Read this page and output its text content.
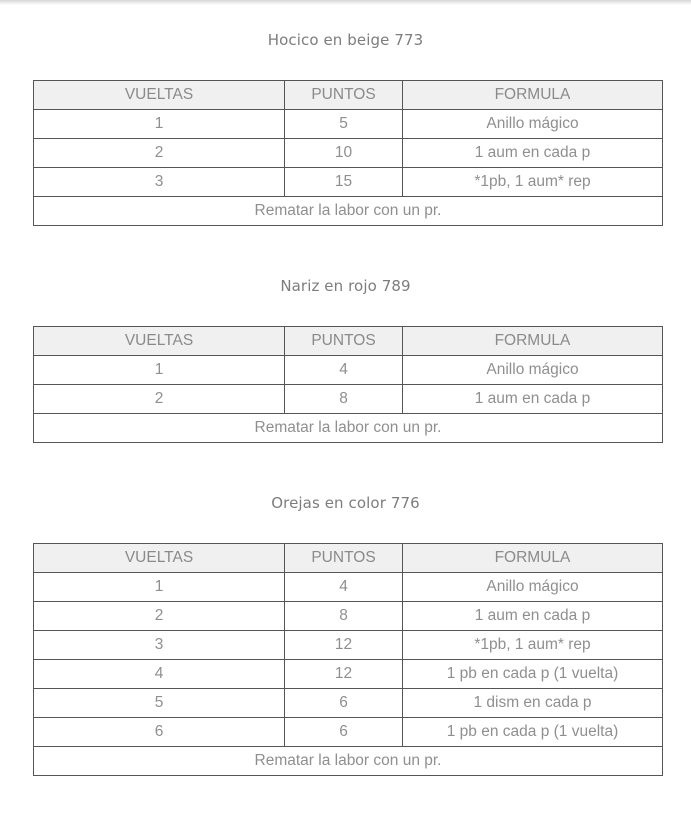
Hocico en beige 773
VUELTAS	PUNTOS	FORMULA
1	5	Anillo mágico
2	10	1 aum en cada p
3	15	*1pb, 1 aum* rep
Rematar la labor con un pr.		
Nariz en rojo 789
VUELTAS	PUNTOS	FORMULA
1	4	Anillo mágico
2	8	1 aum en cada p
Rematar la labor con un pr.		
Orejas en color 776
VUELTAS	PUNTOS	FORMULA
1	4	Anillo mágico
2	8	1 aum en cada p
3	12	*1pb, 1 aum* rep
4	12	1 pb en cada p (1 vuelta)
5	6	1 dism en cada p
6	6	1 pb en cada p (1 vuelta)
Rematar la labor con un pr.		
